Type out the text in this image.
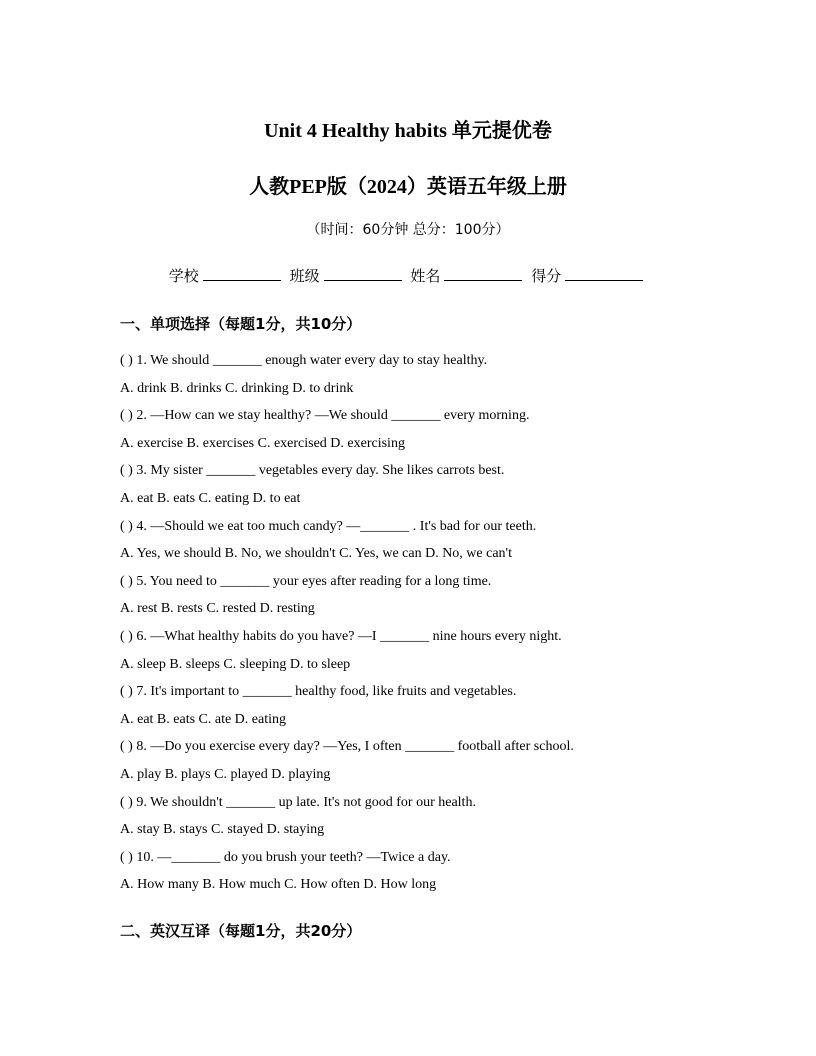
Unit 4 Healthy habits 单元提优卷
人教PEP版（2024）英语五年级上册
（时间：60分钟 总分：100分）
学校	班级	姓名	得分
一、单项选择（每题1分，共10分）
( ) 1. We should _______ enough water every day to stay healthy.
A. drink B. drinks C. drinking D. to drink
( ) 2. —How can we stay healthy? —We should _______ every morning.
A. exercise B. exercises C. exercised D. exercising
( ) 3. My sister _______ vegetables every day. She likes carrots best.
A. eat B. eats C. eating D. to eat
( ) 4. —Should we eat too much candy? —_______ . It's bad for our teeth.
A. Yes, we should B. No, we shouldn't C. Yes, we can D. No, we can't
( ) 5. You need to _______ your eyes after reading for a long time.
A. rest B. rests C. rested D. resting
( ) 6. —What healthy habits do you have? —I _______ nine hours every night.
A. sleep B. sleeps C. sleeping D. to sleep
( ) 7. It's important to _______ healthy food, like fruits and vegetables.
A. eat B. eats C. ate D. eating
( ) 8. —Do you exercise every day? —Yes, I often _______ football after school.
A. play B. plays C. played D. playing
( ) 9. We shouldn't _______ up late. It's not good for our health.
A. stay B. stays C. stayed D. staying
( ) 10. —_______ do you brush your teeth? —Twice a day.
A. How many B. How much C. How often D. How long
二、英汉互译（每题1分，共20分）
